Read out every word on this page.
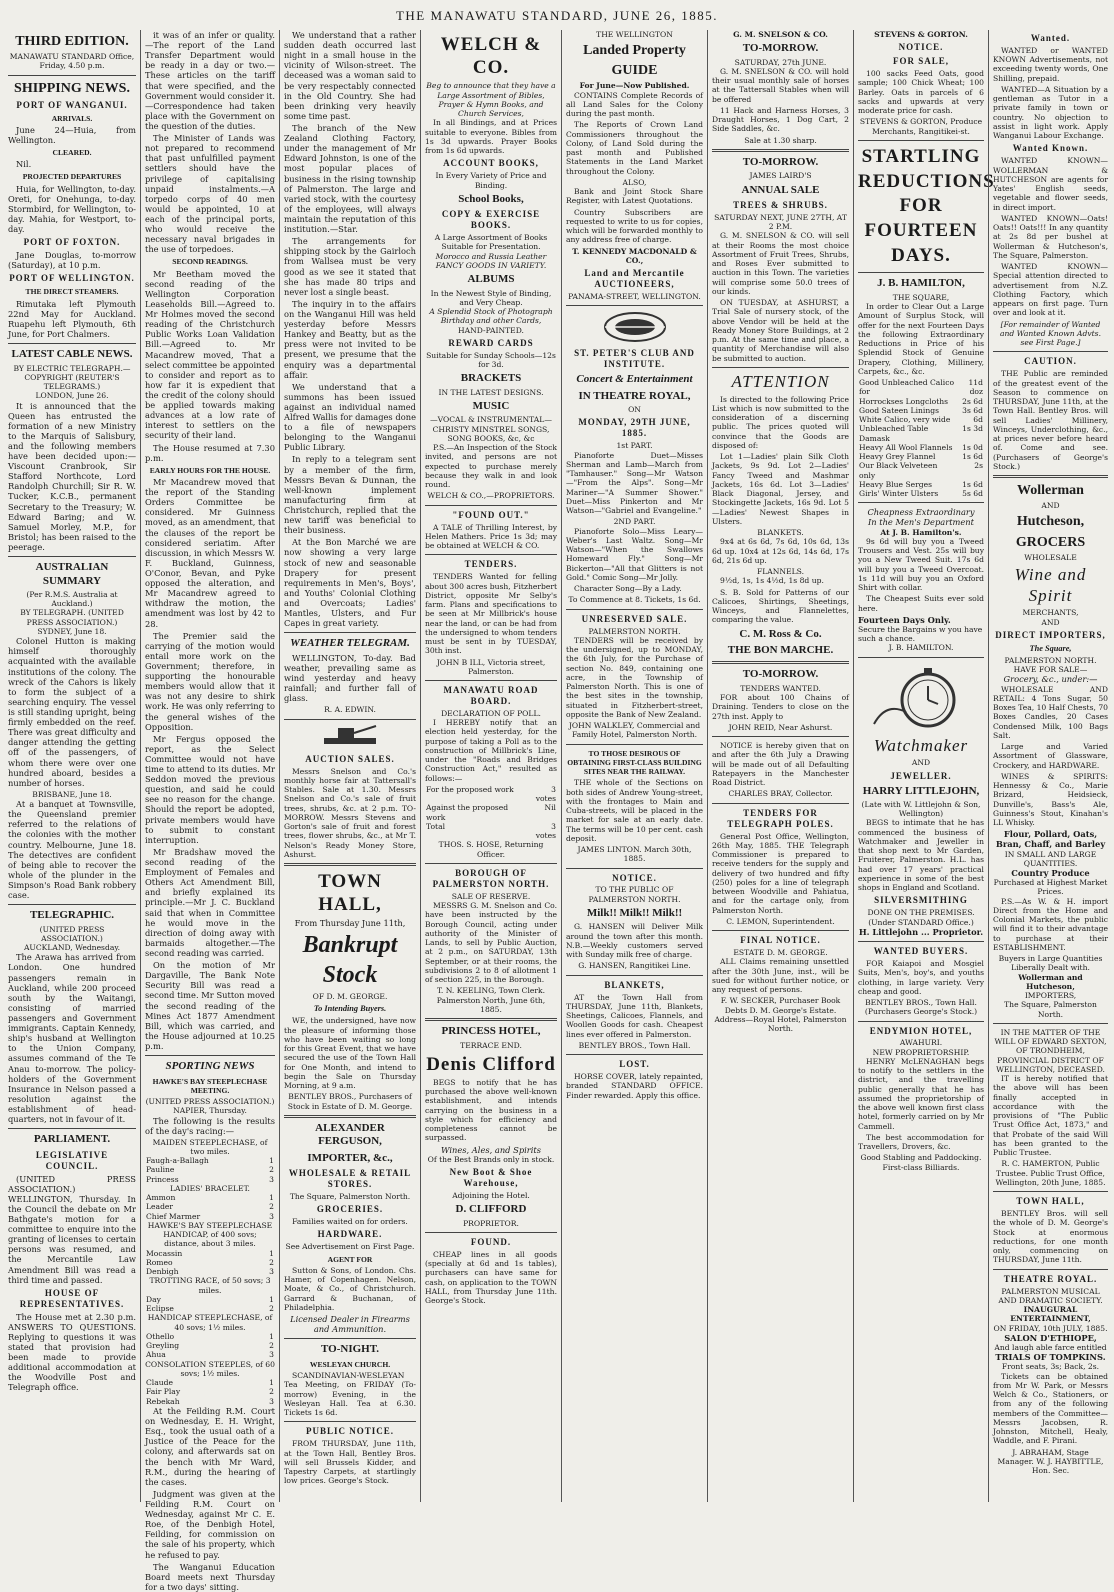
THE MANAWATU STANDARD, JUNE 26, 1885.
THIRD EDITION.
MANAWATU STANDARD Office, Friday, 4.50 p.m.
SHIPPING NEWS.
PORT OF WANGANUI.
ARRIVALS.

June 24—Huia, from Wellington.

CLEARED.

Nil.

PROJECTED DEPARTURES

Huia, for Wellington, to-day. Oreti, for Onehunga, to-day. Stormbird, for Wellington, to-day. Mahia, for Westport, to-day.

PORT OF FOXTON.

Jane Douglas, to-morrow (Saturday), at 10 p.m.

PORT OF WELLINGTON.
THE DIRECT STEAMERS.

Rimutaka left Plymouth 22nd May for Auckland. Ruapehu left Plymouth, 6th June, for Port Chalmers.

LATEST CABLE NEWS.
BY ELECTRIC TELEGRAPH.—COPYRIGHT (REUTER'S TELEGRAMS.)
LONDON, June 26.

It is announced that the Queen has entrusted the formation of a new Ministry to the Marquis of Salisbury, and the following members have been decided upon:—Viscount Cranbrook, Sir Stafford Northcote, Lord Randolph Churchill; Sir R. W. Tucker, K.C.B., permanent Secretary to the Treasury; W. Edward Baring; and W. Samuel Morley, M.P., for Bristol; has been raised to the peerage.

AUSTRALIAN SUMMARY
(Per R.M.S. Australia at Auckland.)
BY TELEGRAPH. (UNITED PRESS ASSOCIATION.)
SYDNEY, June 18.

Colonel Hutton is making himself thoroughly acquainted with the available institutions of the colony. The wreck of the Cahors is likely to form the subject of a searching enquiry. The vessel is still standing upright, being firmly embedded on the reef. There was great difficulty and danger attending the getting off of the passengers, of whom there were over one hundred aboard, besides a number of horses.

BRISBANE, June 18.

At a banquet at Townsville, the Queensland premier referred to the relations of the colonies with the mother country. Melbourne, June 18. The detectives are confident of being able to recover the whole of the plunder in the Simpson's Road Bank robbery case.

TELEGRAPHIC.
(UNITED PRESS ASSOCIATION.)
AUCKLAND, Wednesday.

The Arawa has arrived from London. One hundred passengers remain in Auckland, while 200 proceed south by the Waitangi, consisting of married passengers and Government immigrants. Captain Kennedy, ship's husband at Wellington to the Union Company, assumes command of the Te Anau to-morrow. The policy-holders of the Government Insurance in Nelson passed a resolution against the establishment of head-quarters, not in favour of it.

PARLIAMENT.
LEGISLATIVE COUNCIL.

(UNITED PRESS ASSOCIATION.) WELLINGTON, Thursday. In the Council the debate on Mr Bathgate's motion for a committee to enquire into the granting of licenses to certain persons was resumed, and the Mercantile Law Amendment Bill was read a third time and passed.

HOUSE OF REPRESENTATIVES.

The House met at 2.30 p.m. ANSWERS TO QUESTIONS. Replying to questions it was stated that provision had been made to provide additional accommodation at the Woodville Post and Telegraph office.

it was of an infer or quality.—The report of the Land Transfer Department would be ready in a day or two.—These articles on the tariff that were specified, and the Government would consider it.—Correspondence had taken place with the Government on the question of the duties.

The Minister of Lands was not prepared to recommend that past unfulfilled payment settlers should have the privilege of capitalising unpaid instalments.—A torpedo corps of 40 men would be appointed, 10 at each of the principal ports, who would receive the necessary naval brigades in the use of torpedoes.

SECOND READINGS.

Mr Beetham moved the second reading of the Wellington Corporation Leaseholds Bill.—Agreed to. Mr Holmes moved the second reading of the Christchurch Public Works Loan Validation Bill.—Agreed to. Mr Macandrew moved, That a select committee be appointed to consider and report as to how far it is expedient that the credit of the colony should be applied towards making advances at a low rate of interest to settlers on the security of their land.

The House resumed at 7.30 p.m.

EARLY HOURS FOR THE HOUSE.

Mr Macandrew moved that the report of the Standing Orders Committee be considered. Mr Guinness moved, as an amendment, that the clauses of the report be considered seriatim. After discussion, in which Messrs W. F. Buckland, Guinness, O'Conor, Bevan, and Pyke opposed the alteration, and Mr Macandrew agreed to withdraw the motion, the amendment was lost by 42 to 28.

The Premier said the carrying of the motion would entail more work on the Government; therefore, in supporting the honourable members would allow that it was not any desire to shirk work. He was only referring to the general wishes of the Opposition.

Mr Fergus opposed the report, as the Select Committee would not have time to attend to its duties. Mr Seddon moved the previous question, and said he could see no reason for the change. Should the report be adopted, private members would have to submit to constant interruption.

Mr Bradshaw moved the second reading of the Employment of Females and Others Act Amendment Bill, and briefly explained its principle.—Mr J. C. Buckland said that when in Committee he would move in the direction of doing away with barmaids altogether.—The second reading was carried.

On the motion of Mr Dargaville, The Bank Note Security Bill was read a second time. Mr Sutton moved the second reading of the Mines Act 1877 Amendment Bill, which was carried, and the House adjourned at 10.25 p.m.

SPORTING NEWS
HAWKE'S BAY STEEPLECHASE MEETING.
(UNITED PRESS ASSOCIATION.) NAPIER, Thursday.

The following is the results of the day's racing:—

MAIDEN STEEPLECHASE, of two miles.
Faugh-a-Ballagh	1
Pauline	2
Princess	3
LADIES' BRACELET.
Ammon	1
Leader	2
Chief Marmer	3
HAWKE'S BAY STEEPLECHASE HANDICAP, of 400 sovs; distance, about 3 miles.
Mocassin	1
Romeo	2
Denbigh	3
TROTTING RACE, of 50 sovs; 3 miles.
Day	1
Eclipse	2
HANDICAP STEEPLECHASE, of 40 sovs; 1½ miles.
Othello	1
Greyling	2
Ahua	3
CONSOLATION STEEPLES, of 60 sovs; 1½ miles.
Claude	1
Fair Play	2
Rebekah	3

At the Feilding R.M. Court on Wednesday, E. H. Wright, Esq., took the usual oath of a Justice of the Peace for the colony, and afterwards sat on the bench with Mr Ward, R.M., during the hearing of the cases.

Judgment was given at the Feilding R.M. Court on Wednesday, against Mr C. E. Roe, of the Denbigh Hotel, Feilding, for commission on the sale of his property, which he refused to pay.

The Wanganui Education Board meets next Thursday for a two days' sitting.

We understand that a rather sudden death occurred last night in a small house in the vicinity of Wilson-street. The deceased was a woman said to be very respectably connected in the Old Country. She had been drinking very heavily some time past.

The branch of the New Zealand Clothing Factory, under the management of Mr Edward Johnston, is one of the most popular places of business in the rising township of Palmerston. The large and varied stock, with the courtesy of the employees, will always maintain the reputation of this institution.—Star.

The arrangements for shipping stock by the Gairloch from Wallsea must be very good as we see it stated that she has made 80 trips and never lost a single beast.

The inquiry in to the affairs on the Wanganui Hill was held yesterday before Messrs Hankey and Beatty, but as the press were not invited to be present, we presume that the enquiry was a departmental affair.

We understand that a summons has been issued against an individual named Alfred Wallis for damages done to a file of newspapers belonging to the Wanganui Public Library.

In reply to a telegram sent by a member of the firm, Messrs Bevan & Dunnan, the well-known implement manufacturing firm at Christchurch, replied that the new tariff was beneficial to their business.

At the Bon Marché we are now showing a very large stock of new and seasonable Drapery for present requirements in Men's, Boys', and Youths' Colonial Clothing and Overcoats; Ladies' Mantles, Ulsters, and Fur Capes in great variety.

WEATHER TELEGRAM.

WELLINGTON, To-day. Bad weather, prevailing same as wind yesterday and heavy rainfall; and further fall of glass.

R. A. EDWIN.
AUCTION SALES.

Messrs Snelson and Co.'s monthly horse fair at Tattersall's Stables. Sale at 1.30. Messrs Snelson and Co.'s sale of fruit trees, shrubs, &c. at 2 p.m. TO-MORROW. Messrs Stevens and Gorton's sale of fruit and forest trees, flower shrubs, &c., at Mr T. Nelson's Ready Money Store, Ashurst.

TOWN HALL,
From Thursday June 11th,
Bankrupt Stock
OF D. M. GEORGE.
To Intending Buyers.

WE, the undersigned, have now the pleasure of informing those who have been waiting so long for this Great Event, that we have secured the use of the Town Hall for One Month, and intend to begin the Sale on Thursday Morning, at 9 a.m.

BENTLEY BROS., Purchasers of Stock in Estate of D. M. George.
ALEXANDER FERGUSON,
IMPORTER, &c.,
WHOLESALE & RETAIL STORES.
The Square, Palmerston North.
GROCERIES.
Families waited on for orders.
HARDWARE.
See Advertisement on First Page.
AGENT FOR

Sutton & Sons, of London. Chs. Hamer, of Copenhagen. Nelson, Moate, & Co., of Christchurch. Garrard & Buchanan, of Philadelphia.

Licensed Dealer in Firearms and Ammunition.
TO-NIGHT.
WESLEYAN CHURCH.

SCANDINAVIAN-WESLEYAN Tea Meeting, on FRIDAY (To-morrow) Evening, in the Wesleyan Hall. Tea at 6.30. Tickets 1s 6d.

PUBLIC NOTICE.

FROM THURSDAY, June 11th, at the Town Hall, Bentley Bros. will sell Brussels Kidder, and Tapestry Carpets, at startlingly low prices. George's Stock.

WELCH & CO.
Beg to announce that they have a Large Assortment of Bibles, Prayer & Hymn Books, and Church Services,

In all Bindings, and at Prices suitable to everyone. Bibles from 1s 3d upwards. Prayer Books from 1s 6d upwards.

ACCOUNT BOOKS,
In Every Variety of Price and Binding.
School Books,
COPY & EXERCISE BOOKS.
A Large Assortment of Books Suitable for Presentation.
Morocco and Russia Leather FANCY GOODS IN VARIETY.
ALBUMS
In the Newest Style of Binding, and Very Cheap.
A Splendid Stock of Photograph Birthday and other Cards,
HAND-PAINTED.
REWARD CARDS
Suitable for Sunday Schools—12s for 3d.
BRACKETS
IN THE LATEST DESIGNS.
MUSIC
—VOCAL & INSTRUMENTAL— CHRISTY MINSTREL SONGS, SONG BOOKS, &c, &c

P.S.—An Inspection of the Stock invited, and persons are not expected to purchase merely because they walk in and look round.

WELCH & CO.,—PROPRIETORS.
"FOUND OUT."

A TALE of Thrilling Interest, by Helen Mathers. Price 1s 3d; may be obtained at WELCH & CO.

TENDERS.

TENDERS Wanted for felling about 300 acres bush, Fitzherbert District, opposite Mr Selby's farm. Plans and specifications to be seen at Mr Millbrick's house near the land, or can be had from the undersigned to whom tenders must be sent in by TUESDAY, 30th inst.

JOHN B ILL, Victoria street, Palmerston.
MANAWATU ROAD BOARD.
DECLARATION OF POLL.

I HEREBY notify that an election held yesterday, for the purpose of taking a Poll as to the construction of Millbrick's Line, under the "Roads and Bridges Construction Act," resulted as follows:—

For the proposed work	3 votes
Against the proposed work	Nil
Total	3 votes
THOS. S. HOSE, Returning Officer.
BOROUGH OF PALMERSTON NORTH.
SALE OF RESERVE.

MESSRS G. M. Snelson and Co. have been instructed by the Borough Council, acting under authority of the Minister of Lands, to sell by Public Auction, at 2 p.m., on SATURDAY, 13th September, or at their rooms, the subdivisions 2 to 8 of allotment 1 of section 225, in the Borough.

T. N. KEELING, Town Clerk. Palmerston North, June 6th, 1885.
PRINCESS HOTEL,
TERRACE END.
Denis Clifford

BEGS to notify that he has purchased the above well-known establishment, and intends carrying on the business in a style which for efficiency and completeness cannot be surpassed.

Wines, Ales, and Spirits
Of the Best Brands only in stock.
New Boot & Shoe Warehouse,
Adjoining the Hotel.
D. CLIFFORD
PROPRIETOR.
FOUND.

CHEAP lines in all goods (specially at 6d and 1s tables), purchasers can have same for cash, on application to the TOWN HALL, from Thursday June 11th. George's Stock.

THE WELLINGTON
Landed Property
GUIDE
For June—Now Published.

CONTAINS Complete Records of all Land Sales for the Colony during the past month.

The Reports of Crown Land Commissioners throughout the Colony, of Land Sold during the past month and Published Statements in the Land Market throughout the Colony.

ALSO,

Bank and Joint Stock Share Register, with Latest Quotations.

Country Subscribers are requested to write to us for copies, which will be forwarded monthly to any address free of charge.

T. KENNEDY MACDONALD & CO.,
Land and Mercantile AUCTIONEERS,
PANAMA-STREET, WELLINGTON.
ST. PETER'S CLUB AND INSTITUTE.
Concert & Entertainment
IN THEATRE ROYAL,
ON
MONDAY, 29TH JUNE, 1885.
1st PART.

Pianoforte Duet—Misses Sherman and Lamb—March from "Tamhauser." Song—Mr Watson—"From the Alps". Song—Mr Mariner—"A Summer Shower." Duet—Miss Pinkerton and Mr Watson—"Gabriel and Evangeline."

2ND PART.

Pianoforte Solo—Miss Leary—Weber's Last Waltz. Song—Mr Watson—"When the Swallows Homeward Fly." Song—Mr Bickerton—"All that Glitters is not Gold." Comic Song—Mr Jolly.

Character Song—By a Lady.

To Commence at 8. Tickets, 1s 6d.
UNRESERVED SALE.
PALMERSTON NORTH.

TENDERS will be received by the undersigned, up to MONDAY, the 6th July, for the Purchase of section No. 849, containing one acre, in the Township of Palmerston North. This is one of the best sites in the township, situated in Fitzherbert-street, opposite the Bank of New Zealand.

JOHN WALKLEY, Commercial and Family Hotel, Palmerston North.
TO THOSE DESIROUS OF OBTAINING FIRST-CLASS BUILDING SITES NEAR THE RAILWAY.

THE whole of the Sections on both sides of Andrew Young-street, with the frontages to Main and Cuba-streets, will be placed in the market for sale at an early date. The terms will be 10 per cent. cash deposit.

JAMES LINTON. March 30th, 1885.
NOTICE.
TO THE PUBLIC OF PALMERSTON NORTH.
Milk!! Milk!! Milk!!

G. HANSEN will Deliver Milk around the town after this month. N.B.—Weekly customers served with Sunday milk free of charge.

G. HANSEN, Rangitikei Line.
BLANKETS,

AT the Town Hall from THURSDAY, June 11th, Blankets, Sheetings, Calicoes, Flannels, and Woollen Goods for cash. Cheapest lines ever offered in Palmerston.

BENTLEY BROS., Town Hall.
LOST.

HORSE COVER, lately repainted, branded STANDARD OFFICE. Finder rewarded. Apply this office.

G. M. SNELSON & CO.
TO-MORROW.
SATURDAY, 27th JUNE.

G. M. SNELSON & CO. will hold their usual monthly sale of horses at the Tattersall Stables when will be offered

11 Hack and Harness Horses, 3 Draught Horses, 1 Dog Cart, 2 Side Saddles, &c.

Sale at 1.30 sharp.
TO-MORROW.
JAMES LAIRD'S
ANNUAL SALE
TREES & SHRUBS.
SATURDAY NEXT, JUNE 27TH, AT 2 P.M.

G. M. SNELSON & CO. will sell at their Rooms the most choice Assortment of Fruit Trees, Shrubs, and Roses Ever submitted to auction in this Town. The varieties will comprise some 50.0 trees of our kinds.

ON TUESDAY, at ASHURST, a Trial Sale of nursery stock, of the above Vendor will be held at the Ready Money Store Buildings, at 2 p.m. At the same time and place, a quantity of Merchandise will also be submitted to auction.

ATTENTION

Is directed to the following Price List which is now submitted to the consideration of a discerning public. The prices quoted will convince that the Goods are disposed of:

Lot 1—Ladies' plain Silk Cloth Jackets, 9s 9d. Lot 2—Ladies' Fancy Tweed and Mashmar Jackets, 16s 6d. Lot 3—Ladies' Black Diagonal, Jersey, and Stockingette Jackets, 16s 9d. Lot 5—Ladies' Newest Shapes in Ulsters.

BLANKETS.

9x4 at 6s 6d, 7s 6d, 10s 6d, 13s 6d up. 10x4 at 12s 6d, 14s 6d, 17s 6d, 21s 6d up.

FLANNELS.

9½d, 1s, 1s 4½d, 1s 8d up.

S. B. Sold for Patterns of our Calicoes, Shirtings, Sheetings, Winceys, and Flannelettes, comparing the value.

C. M. Ross & Co.
THE BON MARCHE.
TO-MORROW.
TENDERS WANTED.

FOR about 100 Chains of Draining. Tenders to close on the 27th inst. Apply to

JOHN REID, Near Ashurst.

NOTICE is hereby given that on and after the 6th July a Drawing will be made out of all Defaulting Ratepayers in the Manchester Road District.

CHARLES BRAY, Collector.
TENDERS FOR TELEGRAPH POLES.

General Post Office, Wellington, 26th May, 1885. THE Telegraph Commissioner is prepared to receive tenders for the supply and delivery of two hundred and fifty (250) poles for a line of telegraph between Woodville and Pahiatua, and for the cartage only, from Palmerston North.

C. LEMON, Superintendent.
FINAL NOTICE.
ESTATE D. M. GEORGE.

ALL Claims remaining unsettled after the 30th June, inst., will be sued for without further notice, or any request of persons.

F. W. SECKER, Purchaser Book Debts D. M. George's Estate. Address—Royal Hotel, Palmerston North.
STEVENS & GORTON.
NOTICE.
FOR SALE,

100 sacks Feed Oats, good sample; 100 Chick Wheat; 100 Barley. Oats in parcels of 6 sacks and upwards at very moderate price for cash.

STEVENS & GORTON, Produce Merchants, Rangitikei-st.
STARTLING REDUCTIONS FOR FOURTEEN DAYS.
J. B. HAMILTON,
THE SQUARE,

In order to Clear Out a Large Amount of Surplus Stock, will offer for the next Fourteen Days the following Extraordinary Reductions in Price of his Splendid Stock of Genuine Drapery, Clothing, Millinery, Carpets, &c., &c.

Good Unbleached Calico for	11d doz
Horrockses Longcloths	2s 6d
Good Sateen Linings	3s 6d
White Calico, very wide	6d
Unbleached Table Damask	1s 3d
Heavy All Wool Flannels	1s 0d
Heavy Grey Flannel	1s 6d
Our Black Velveteen only	2s
Heavy Blue Serges	1s 6d
Girls' Winter Ulsters	5s 6d
Cheapness Extraordinary
In the Men's Department
At J. B. Hamilton's.

9s 6d will buy you a Tweed Trousers and Vest. 25s will buy you a New Tweed Suit. 17s 6d will buy you a Tweed Overcoat. 1s 11d will buy you an Oxford Shirt with collar.

The Cheapest Suits ever sold here.

Fourteen Days Only.
Secure the Bargains w you have such a chance.
J. B. HAMILTON.
Watchmaker
AND
JEWELLER.
HARRY LITTLEJOHN,
(Late with W. Littlejohn & Son, Wellington)

BEGS to intimate that he has commenced the business of Watchmaker and Jeweller in that shop next to Mr Garden, Fruiterer, Palmerston. H.L. has had over 17 years' practical experience in some of the best shops in England and Scotland.

SILVERSMITHING
DONE ON THE PREMISES.
(Under STANDARD Office.)
H. Littlejohn ... Proprietor.
WANTED BUYERS.

FOR Kaiapoi and Mosgiel Suits, Men's, boy's, and youths clothing, in large variety. Very cheap and good.

BENTLEY BROS., Town Hall. (Purchasers George's Stock.)
ENDYMION HOTEL,
AWAHURI.
NEW PROPRIETORSHIP.

HENRY McLENAGHAN begs to notify to the settlers in the district, and the travelling public generally that he has assumed the proprietorship of the above well known first class hotel, formerly carried on by Mr Cammell.

The best accommodation for Travellers, Drovers, &c.

Good Stabling and Paddocking.
First-class Billiards.
Wanted.

WANTED or WANTED KNOWN Advertisements, not exceeding twenty words, One Shilling, prepaid.

WANTED—A Situation by a gentleman as Tutor in a private family in town or country. No objection to assist in light work. Apply Wanganui Labour Exchange.

Wanted Known.

WANTED KNOWN—WOLLERMAN & HUTCHESON are agents for Yates' English seeds, vegetable and flower seeds, in direct import.

WANTED KNOWN—Oats! Oats!! Oats!!! In any quantity at 2s 8d per bushel at Wollerman & Hutcheson's, The Square, Palmerston.

WANTED KNOWN—Special attention directed to advertisement from N.Z. Clothing Factory, which appears on first page. Turn over and look at it.

[For remainder of Wanted and Wanted Known Advts. see First Page.]
CAUTION.

THE Public are reminded of the greatest event of the Season to commence on THURSDAY, June 11th, at the Town Hall. Bentley Bros. will sell Ladies' Millinery, Winceys, Underclothing, &c., at prices never before heard of. Come and see. (Purchasers of George's Stock.)

Wollerman
AND
Hutcheson,
GROCERS
WHOLESALE
Wine and Spirit
MERCHANTS,
AND
DIRECT IMPORTERS,
The Square,
PALMERSTON NORTH.
HAVE FOR SALE—
Grocery, &c., under:—

WHOLESALE AND RETAIL: 4 Tons Sugar, 50 Boxes Tea, 10 Half Chests, 70 Boxes Candles, 20 Cases Condensed Milk, 100 Bags Salt.

Large and Varied Assortment of Glassware, Crockery, and HARDWARE.

WINES & SPIRITS: Hennessy & Co., Marie Brizard, Heidsieck, Dunville's, Bass's Ale, Guinness's Stout, Kinahan's LL Whisky.

Flour, Pollard, Oats, Bran, Chaff, and Barley
IN SMALL AND LARGE QUANTITIES.
Country Produce
Purchased at Highest Market Prices.

P.S.—As W. & H. import Direct from the Home and Colonial Markets, the public will find it to their advantage to purchase at their ESTABLISHMENT.

Buyers in Large Quantities Liberally Dealt with.
Wollerman and Hutcheson,
IMPORTERS,
The Square, Palmerston North.
IN THE MATTER OF THE WILL OF EDWARD SEXTON, OF TRONDHEIM, PROVINCIAL DISTRICT OF WELLINGTON, DECEASED.

IT is hereby notified that the above will has been finally accepted in accordance with the provisions of "The Public Trust Office Act, 1873," and that Probate of the said Will has been granted to the Public Trustee.

R. C. HAMERTON, Public Trustee. Public Trust Office, Wellington, 20th June, 1885.
TOWN HALL,

BENTLEY Bros. will sell the whole of D. M. George's Stock at enormous reductions, for one month only, commencing on THURSDAY, June 11th.

THEATRE ROYAL.
PALMERSTON MUSICAL AND DRAMATIC SOCIETY.
INAUGURAL ENTERTAINMENT,
ON FRIDAY, 10th JULY, 1885.
SALON D'ETHIOPE,
And laugh able farce entitled
TRIALS OF TOMPKINS.
Front seats, 3s; Back, 2s.

Tickets can be obtained from Mr W. Park, or Messrs Welch & Co., Stationers, or from any of the following members of the Committee—Messrs Jacobsen, R. Johnston, Mitchell, Healy, Waddle, and F. Pirani.

J. ABRAHAM, Stage Manager. W. J. HAYBITTLE, Hon. Sec.
